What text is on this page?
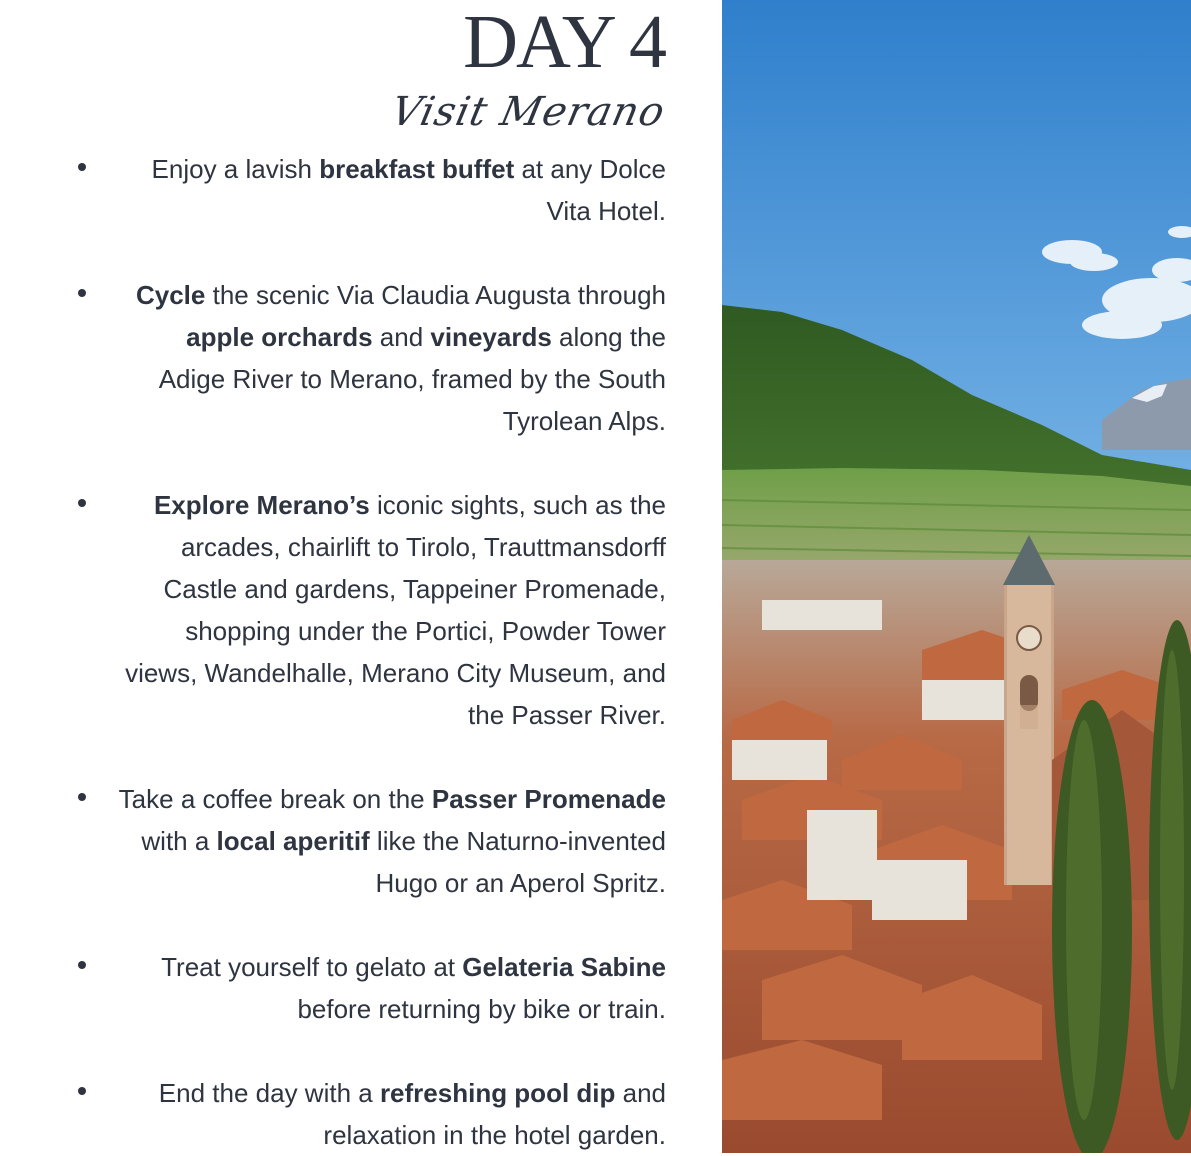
DAY 4
Visit Merano
Enjoy a lavish breakfast buffet at any Dolce Vita Hotel.
Cycle the scenic Via Claudia Augusta through apple orchards and vineyards along the Adige River to Merano, framed by the South Tyrolean Alps.
Explore Merano’s iconic sights, such as the arcades, chairlift to Tirolo, Trauttmansdorff Castle and gardens, Tappeiner Promenade, shopping under the Portici, Powder Tower views, Wandelhalle, Merano City Museum, and the Passer River.
Take a coffee break on the Passer Promenade with a local aperitif like the Naturno-invented Hugo or an Aperol Spritz.
Treat yourself to gelato at Gelateria Sabine before returning by bike or train.
End the day with a refreshing pool dip and relaxation in the hotel garden.
